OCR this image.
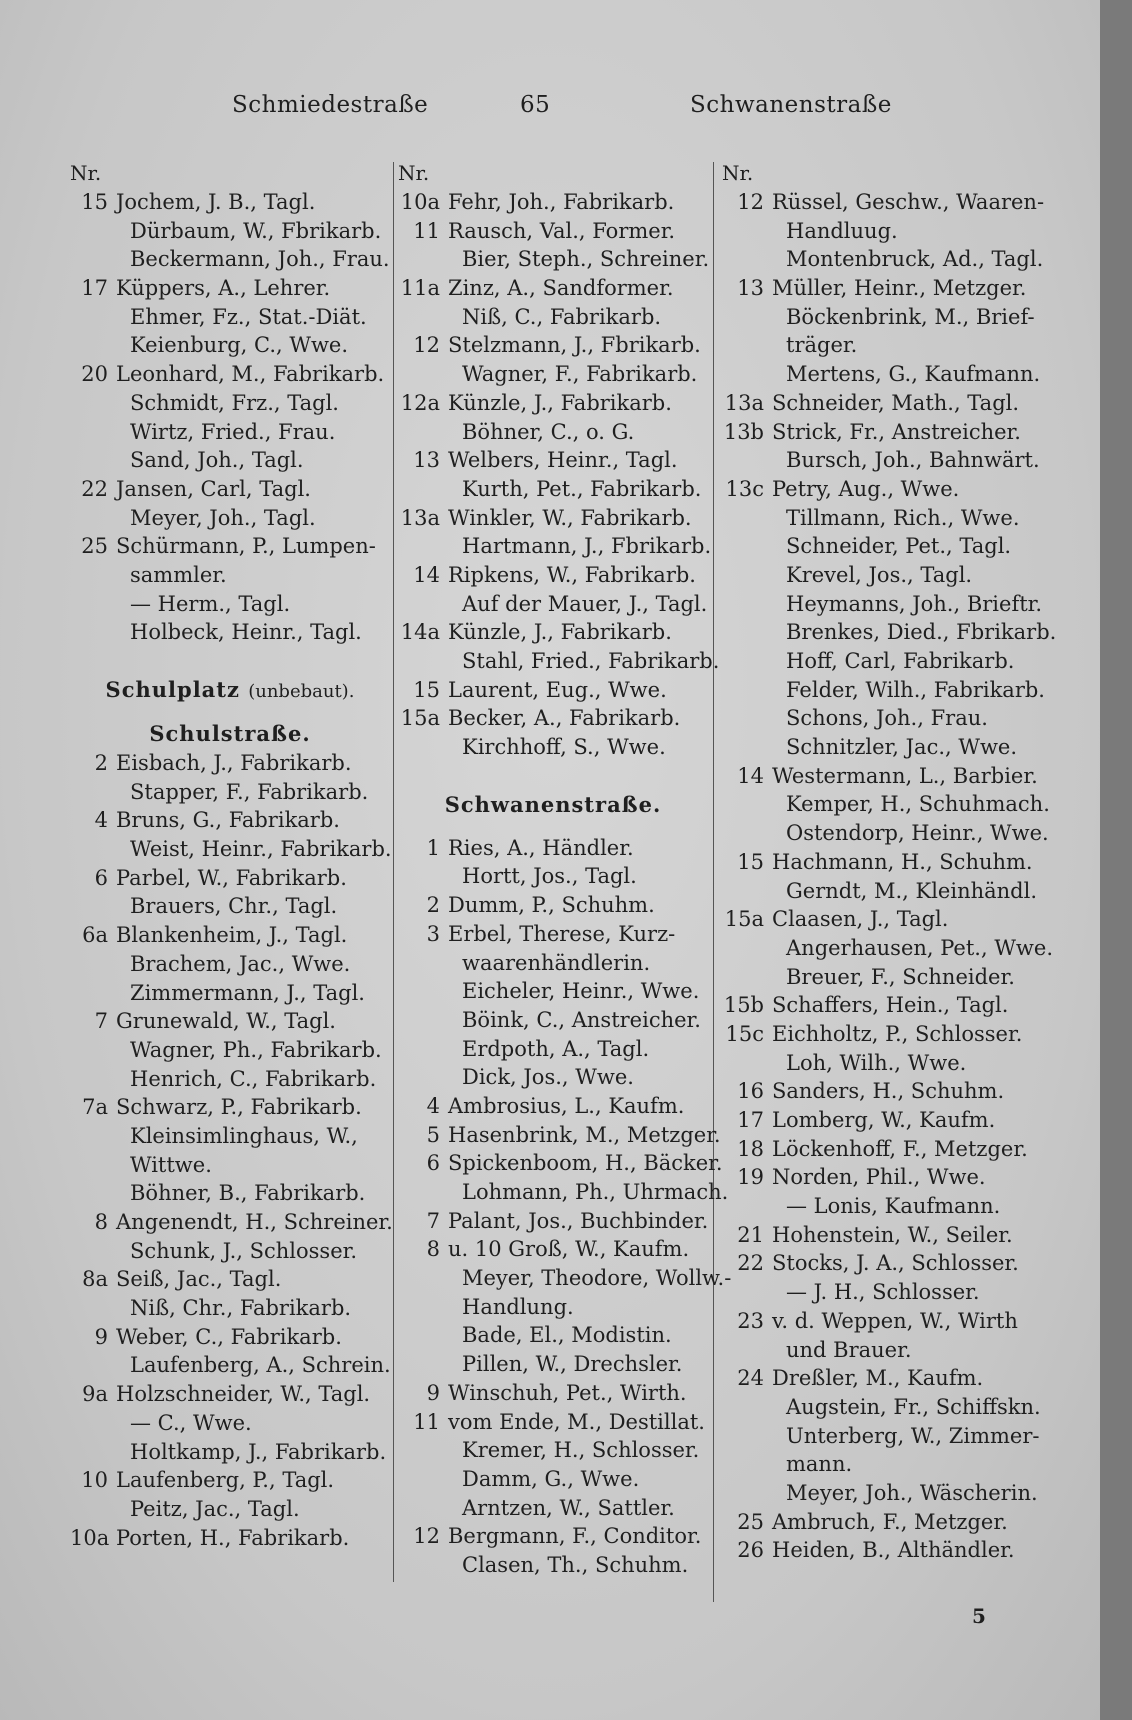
Schmiedestraße	65	Schwanenstraße
Nr.
15 Jochem, J. B., Tagl.
Dürbaum, W., Fbrikarb.
Beckermann, Joh., Frau.
17 Küppers, A., Lehrer.
Ehmer, Fz., Stat.-Diät.
Keienburg, C., Wwe.
20 Leonhard, M., Fabrikarb.
Schmidt, Frz., Tagl.
Wirtz, Fried., Frau.
Sand, Joh., Tagl.
22 Jansen, Carl, Tagl.
Meyer, Joh., Tagl.
25 Schürmann, P., Lumpen-
sammler.
— Herm., Tagl.
Holbeck, Heinr., Tagl.
Schulplatz (unbebaut).
Schulstraße.
2 Eisbach, J., Fabrikarb.
Stapper, F., Fabrikarb.
4 Bruns, G., Fabrikarb.
Weist, Heinr., Fabrikarb.
6 Parbel, W., Fabrikarb.
Brauers, Chr., Tagl.
6a Blankenheim, J., Tagl.
Brachem, Jac., Wwe.
Zimmermann, J., Tagl.
7 Grunewald, W., Tagl.
Wagner, Ph., Fabrikarb.
Henrich, C., Fabrikarb.
7a Schwarz, P., Fabrikarb.
Kleinsimlinghaus, W.,
Wittwe.
Böhner, B., Fabrikarb.
8 Angenendt, H., Schreiner.
Schunk, J., Schlosser.
8a Seiß, Jac., Tagl.
Niß, Chr., Fabrikarb.
9 Weber, C., Fabrikarb.
Laufenberg, A., Schrein.
9a Holzschneider, W., Tagl.
— C., Wwe.
Holtkamp, J., Fabrikarb.
10 Laufenberg, P., Tagl.
Peitz, Jac., Tagl.
10a Porten, H., Fabrikarb.
Nr.
10a Fehr, Joh., Fabrikarb.
11 Rausch, Val., Former.
Bier, Steph., Schreiner.
11a Zinz, A., Sandformer.
Niß, C., Fabrikarb.
12 Stelzmann, J., Fbrikarb.
Wagner, F., Fabrikarb.
12a Künzle, J., Fabrikarb.
Böhner, C., o. G.
13 Welbers, Heinr., Tagl.
Kurth, Pet., Fabrikarb.
13a Winkler, W., Fabrikarb.
Hartmann, J., Fbrikarb.
14 Ripkens, W., Fabrikarb.
Auf der Mauer, J., Tagl.
14a Künzle, J., Fabrikarb.
Stahl, Fried., Fabrikarb.
15 Laurent, Eug., Wwe.
15a Becker, A., Fabrikarb.
Kirchhoff, S., Wwe.
Schwanenstraße.
1 Ries, A., Händler.
Hortt, Jos., Tagl.
2 Dumm, P., Schuhm.
3 Erbel, Therese, Kurz-
waarenhändlerin.
Eicheler, Heinr., Wwe.
Böink, C., Anstreicher.
Erdpoth, A., Tagl.
Dick, Jos., Wwe.
4 Ambrosius, L., Kaufm.
5 Hasenbrink, M., Metzger.
6 Spickenboom, H., Bäcker.
Lohmann, Ph., Uhrmach.
7 Palant, Jos., Buchbinder.
8 u. 10 Groß, W., Kaufm.
Meyer, Theodore, Wollw.-
Handlung.
Bade, El., Modistin.
Pillen, W., Drechsler.
9 Winschuh, Pet., Wirth.
11 vom Ende, M., Destillat.
Kremer, H., Schlosser.
Damm, G., Wwe.
Arntzen, W., Sattler.
12 Bergmann, F., Conditor.
Clasen, Th., Schuhm.
Nr.
12 Rüssel, Geschw., Waaren-
Handluug.
Montenbruck, Ad., Tagl.
13 Müller, Heinr., Metzger.
Böckenbrink, M., Brief-
träger.
Mertens, G., Kaufmann.
13a Schneider, Math., Tagl.
13b Strick, Fr., Anstreicher.
Bursch, Joh., Bahnwärt.
13c Petry, Aug., Wwe.
Tillmann, Rich., Wwe.
Schneider, Pet., Tagl.
Krevel, Jos., Tagl.
Heymanns, Joh., Brieftr.
Brenkes, Died., Fbrikarb.
Hoff, Carl, Fabrikarb.
Felder, Wilh., Fabrikarb.
Schons, Joh., Frau.
Schnitzler, Jac., Wwe.
14 Westermann, L., Barbier.
Kemper, H., Schuhmach.
Ostendorp, Heinr., Wwe.
15 Hachmann, H., Schuhm.
Gerndt, M., Kleinhändl.
15a Claasen, J., Tagl.
Angerhausen, Pet., Wwe.
Breuer, F., Schneider.
15b Schaffers, Hein., Tagl.
15c Eichholtz, P., Schlosser.
Loh, Wilh., Wwe.
16 Sanders, H., Schuhm.
17 Lomberg, W., Kaufm.
18 Löckenhoff, F., Metzger.
19 Norden, Phil., Wwe.
— Lonis, Kaufmann.
21 Hohenstein, W., Seiler.
22 Stocks, J. A., Schlosser.
— J. H., Schlosser.
23 v. d. Weppen, W., Wirth
und Brauer.
24 Dreßler, M., Kaufm.
Augstein, Fr., Schiffskn.
Unterberg, W., Zimmer-
mann.
Meyer, Joh., Wäscherin.
25 Ambruch, F., Metzger.
26 Heiden, B., Althändler.
5
